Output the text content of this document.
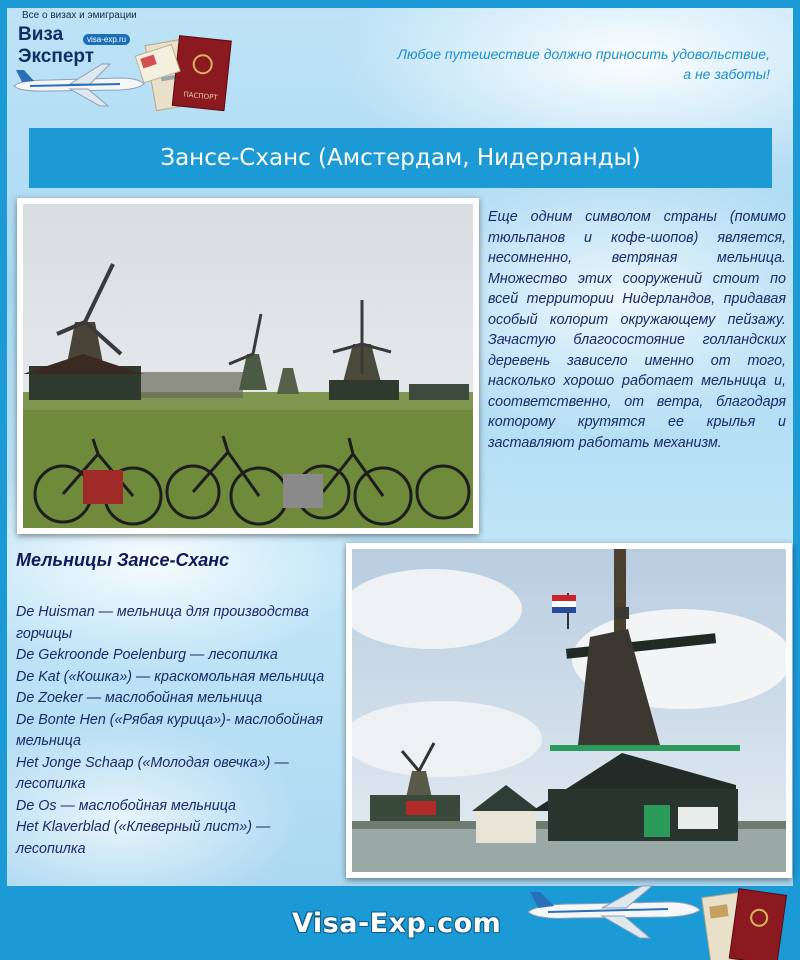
Все о визах и эмиграции
Виза
Эксперт
visa-exp.ru
ПАСПОРТ
Любое путешествие должно приносить удовольствие,
а не заботы!
Зансе-Сханс (Амстердам, Нидерланды)
Еще одним символом страны (помимо тюльпанов и кофе-шопов) является, несомненно, ветряная мельница. Множество этих сооружений стоит по всей территории Нидерландов, придавая особый колорит окружающему пейзажу. Зачастую благосостояние голландских деревень зависело именно от того, насколько хорошо работает мельница и, соответственно, от ветра, благодаря которому крутятся ее крылья и заставляют работать механизм.
Мельницы Зансе-Сханс
De Huisman — мельница для производства горчицы
De Gekroonde Poelenburg — лесопилка
De Kat («Кошка») — краскомольная мельница
De Zoeker — маслобойная мельница
De Bonte Hen («Рябая курица»)- маслобойная мельница
Het Jonge Schaap («Молодая овечка») — лесопилка
De Os — маслобойная мельница
Het Klaverblad («Клеверный лист») — лесопилка
Visa-Exp.com
